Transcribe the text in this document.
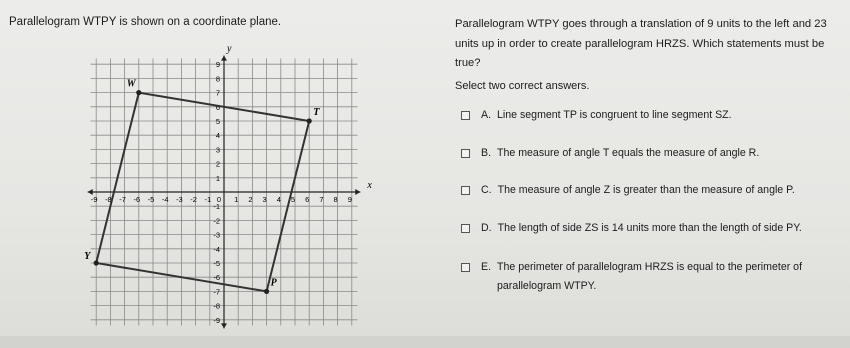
Parallelogram WTPY is shown on a coordinate plane.
x
y
-9 -8 -7 -6 -5 -4 -3 -2 -1	1 2 3 4 5 6 7 8 9
0
9
8
7
6
5
4
3
2
1
-1
-2
-3
-4
-5
-6
-7
-8
-9
W
T
P
Y
Parallelogram WTPY goes through a translation of 9 units to the left and 23 units up in order to create parallelogram HRZS. Which statements must be true?
Select two correct answers.
A. Line segment TP is congruent to line segment SZ.
B. The measure of angle T equals the measure of angle R.
C. The measure of angle Z is greater than the measure of angle P.
D. The length of side ZS is 14 units more than the length of side PY.
E. The perimeter of parallelogram HRZS is equal to the perimeter of parallelogram WTPY.
